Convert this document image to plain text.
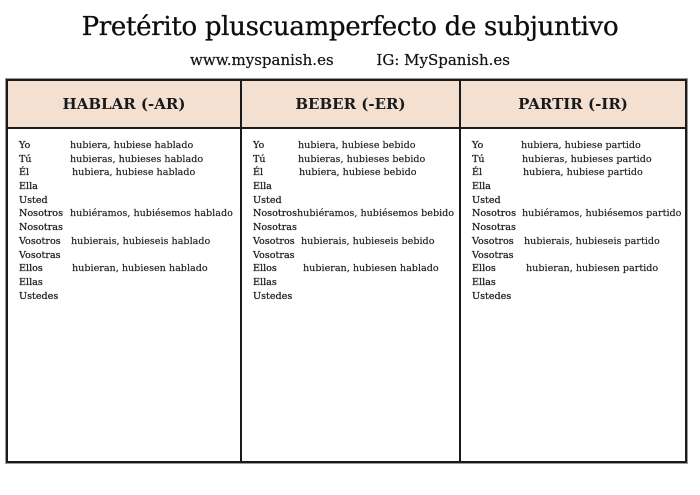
Pretérito pluscuamperfecto de subjuntivo
www.myspanish.es	IG: MySpanish.es
HABLAR (-AR)
Yo	hubiera, hubiese hablado
Tú	hubieras, hubieses hablado
Él	hubiera, hubiese hablado
Ella
Usted
Nosotros hubiéramos, hubiésemos hablado
Nosotras
Vosotros hubierais, hubieseis hablado
Vosotras
Ellos	hubieran, hubiesen hablado
Ellas
Ustedes
BEBER (-ER)
Yo	hubiera, hubiese bebido
Tú	hubieras, hubieses bebido
Él	hubiera, hubiese bebido
Ella
Usted
Nosotros hubiéramos, hubiésemos bebido
Nosotras
Vosotros hubierais, hubieseis bebido
Vosotras
Ellos	hubieran, hubiesen hablado
Ellas
Ustedes
PARTIR (-IR)
Yo	hubiera, hubiese partido
Tú	hubieras, hubieses partido
Él	hubiera, hubiese partido
Ella
Usted
Nosotros hubiéramos, hubiésemos partido
Nosotras
Vosotros hubierais, hubieseis partido
Vosotras
Ellos	hubieran, hubiesen partido
Ellas
Ustedes
